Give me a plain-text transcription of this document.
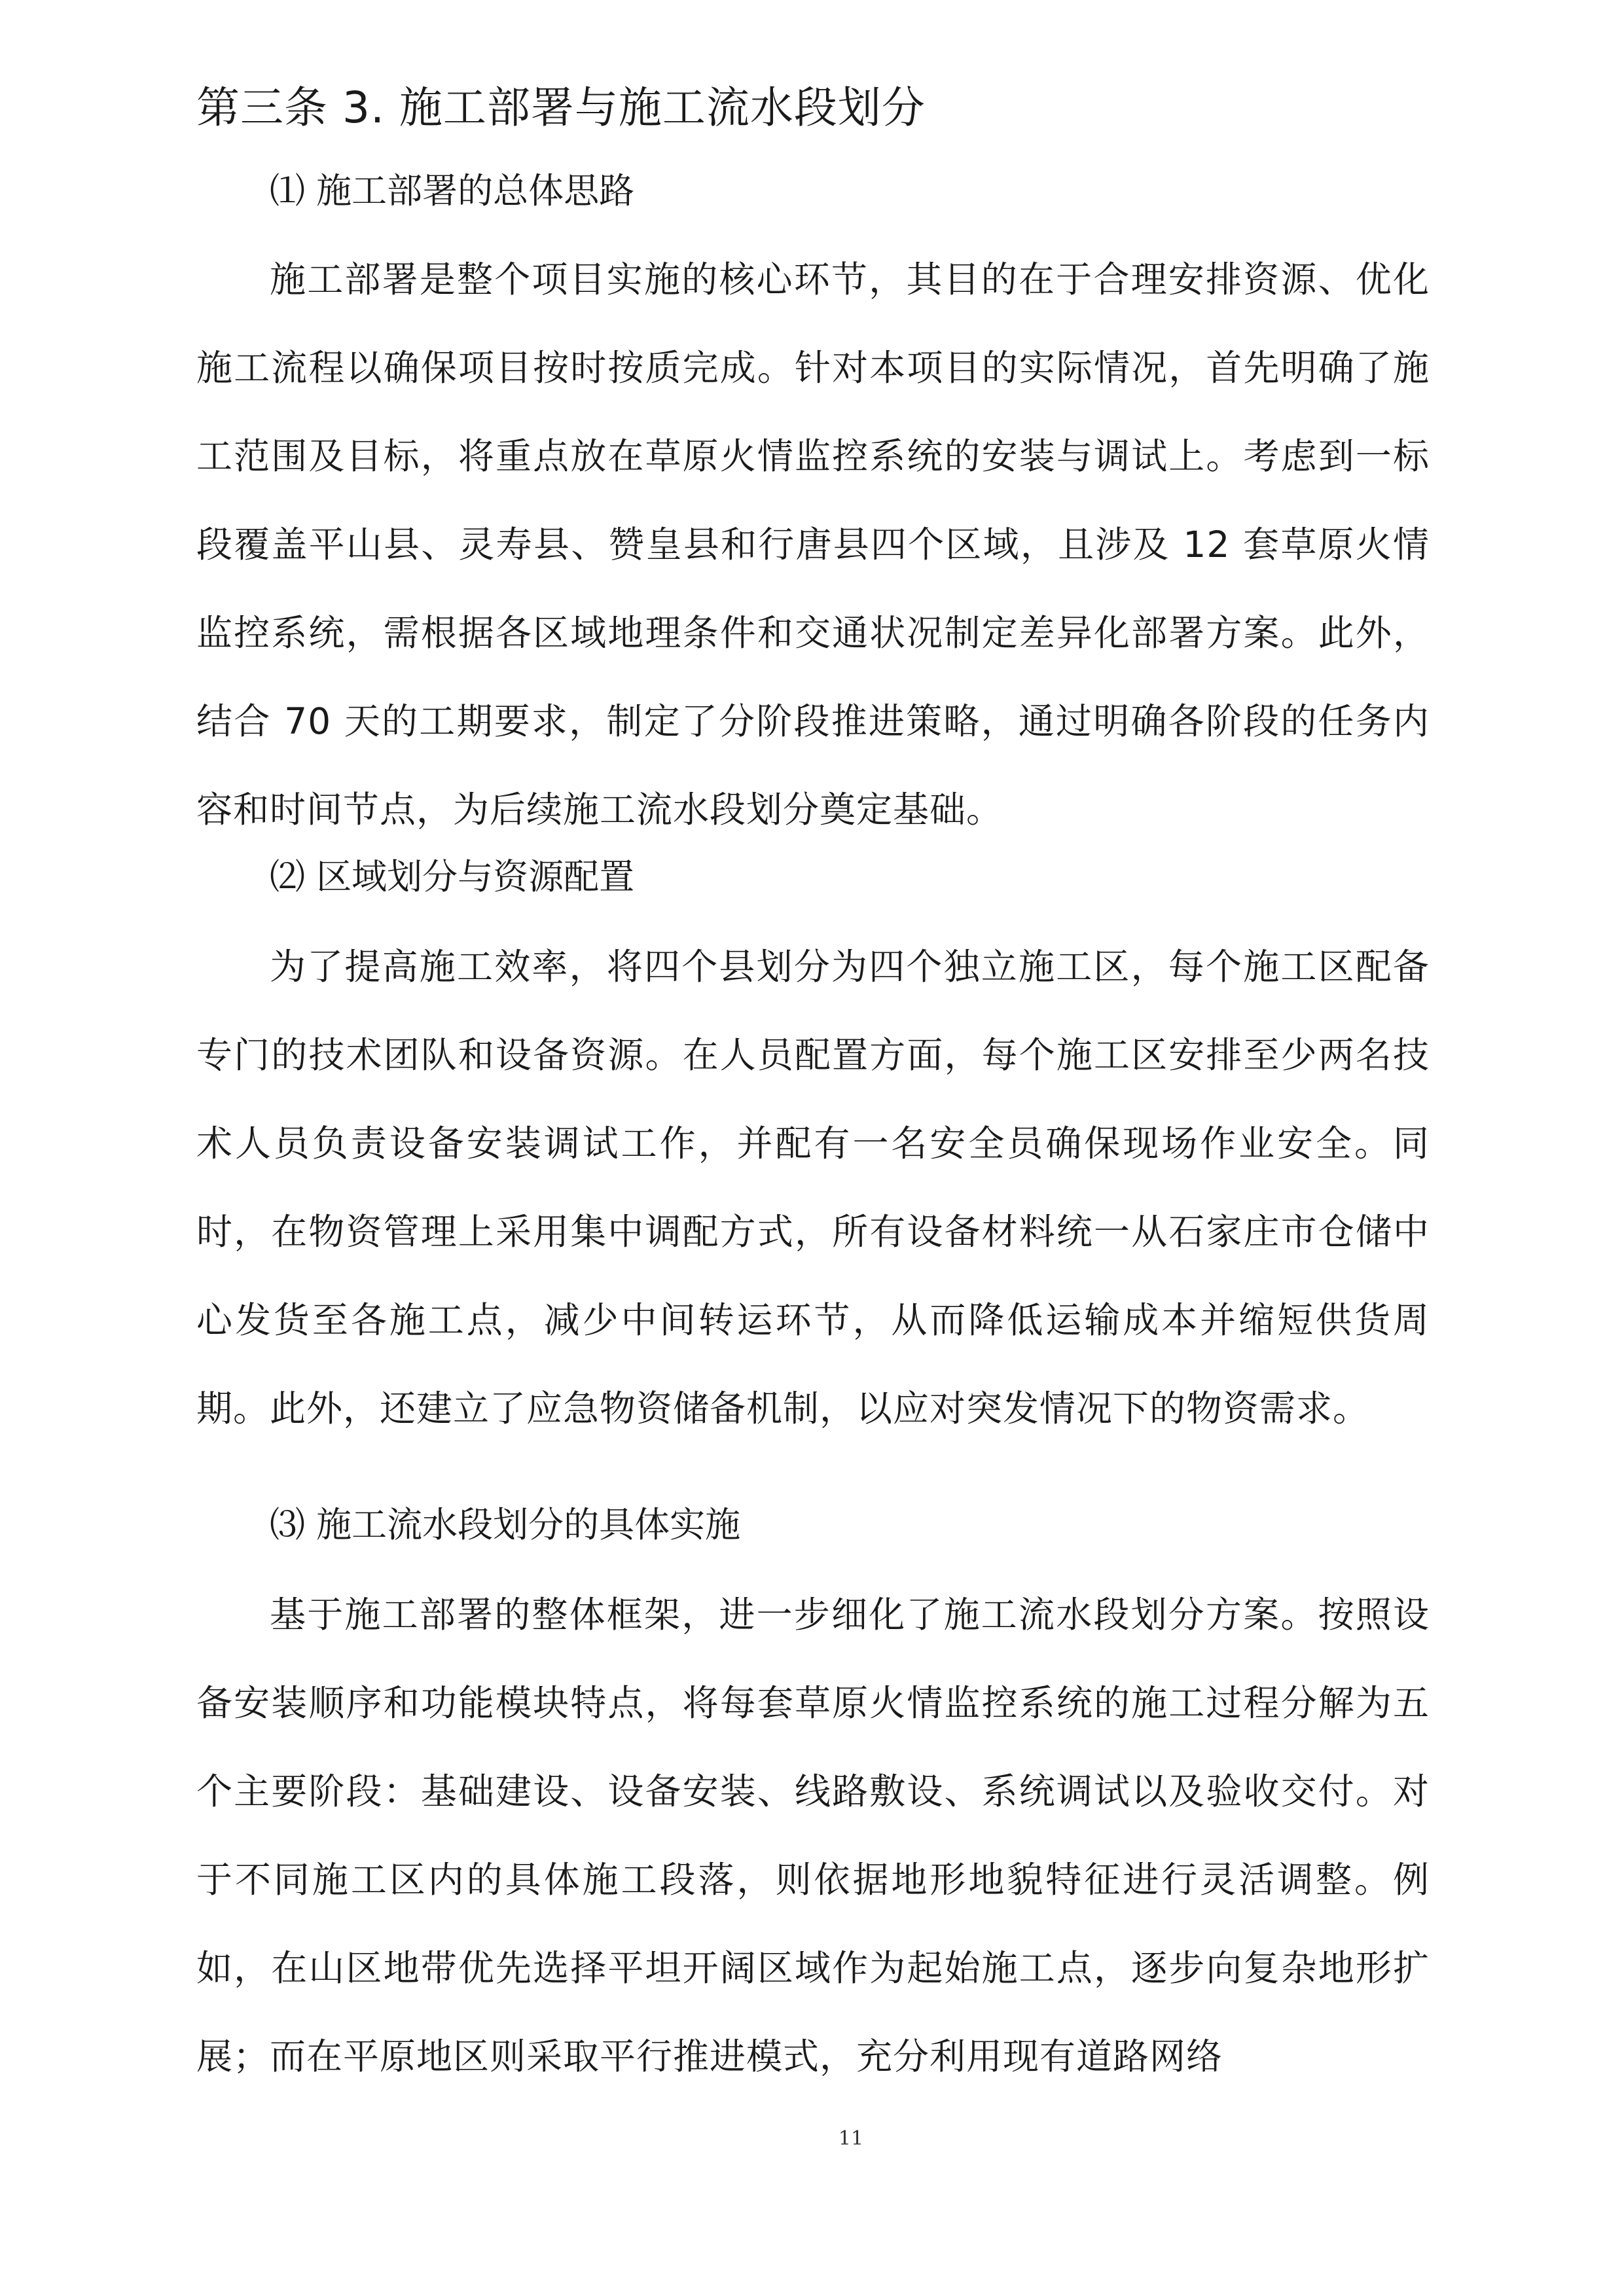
第三条 3. 施工部署与施工流水段划分

⑴ 施工部署的总体思路

施工部署是整个项目实施的核心环节，其目的在于合理安排资源、优化施工流程以确保项目按时按质完成。针对本项目的实际情况，首先明确了施工范围及目标，将重点放在草原火情监控系统的安装与调试上。考虑到一标段覆盖平山县、灵寿县、赞皇县和行唐县四个区域，且涉及 12 套草原火情监控系统，需根据各区域地理条件和交通状况制定差异化部署方案。此外，结合 70 天的工期要求，制定了分阶段推进策略，通过明确各阶段的任务内容和时间节点，为后续施工流水段划分奠定基础。

⑵ 区域划分与资源配置

为了提高施工效率，将四个县划分为四个独立施工区，每个施工区配备专门的技术团队和设备资源。在人员配置方面，每个施工区安排至少两名技术人员负责设备安装调试工作，并配有一名安全员确保现场作业安全。同时，在物资管理上采用集中调配方式，所有设备材料统一从石家庄市仓储中心发货至各施工点，减少中间转运环节，从而降低运输成本并缩短供货周期。此外，还建立了应急物资储备机制，以应对突发情况下的物资需求。

⑶ 施工流水段划分的具体实施

基于施工部署的整体框架，进一步细化了施工流水段划分方案。按照设备安装顺序和功能模块特点，将每套草原火情监控系统的施工过程分解为五个主要阶段：基础建设、设备安装、线路敷设、系统调试以及验收交付。对于不同施工区内的具体施工段落，则依据地形地貌特征进行灵活调整。例如，在山区地带优先选择平坦开阔区域作为起始施工点，逐步向复杂地形扩展；而在平原地区则采取平行推进模式，充分利用现有道路网络

11
